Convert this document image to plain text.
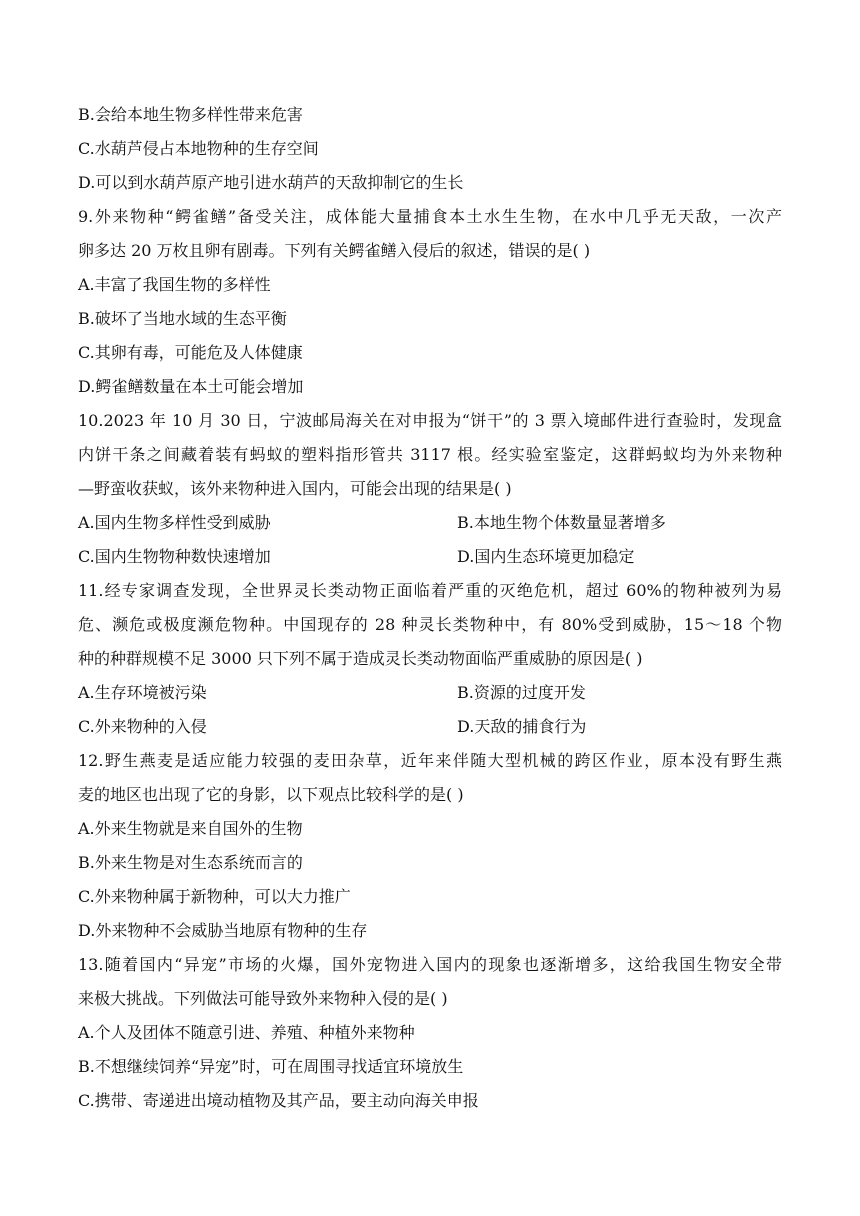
B.会给本地生物多样性带来危害
C.水葫芦侵占本地物种的生存空间
D.可以到水葫芦原产地引进水葫芦的天敌抑制它的生长
9.外来物种“鳄雀鳝”备受关注，成体能大量捕食本土水生生物，在水中几乎无天敌，一次产
卵多达 20 万枚且卵有剧毒。下列有关鳄雀鳝入侵后的叙述，错误的是( )
A.丰富了我国生物的多样性
B.破坏了当地水域的生态平衡
C.其卵有毒，可能危及人体健康
D.鳄雀鳝数量在本土可能会增加
10.2023 年 10 月 30 日，宁波邮局海关在对申报为“饼干”的 3 票入境邮件进行查验时，发现盒
内饼干条之间藏着装有蚂蚁的塑料指形管共 3117 根。经实验室鉴定，这群蚂蚁均为外来物种
—野蛮收获蚁，该外来物种进入国内，可能会出现的结果是( )
A.国内生物多样性受到威胁	B.本地生物个体数量显著增多
C.国内生物物种数快速增加	D.国内生态环境更加稳定
11.经专家调查发现，全世界灵长类动物正面临着严重的灭绝危机，超过 60%的物种被列为易
危、濒危或极度濒危物种。中国现存的 28 种灵长类物种中，有 80%受到威胁，15～18 个物
种的种群规模不足 3000 只下列不属于造成灵长类动物面临严重威胁的原因是( )
A.生存环境被污染	B.资源的过度开发
C.外来物种的入侵	D.天敌的捕食行为
12.野生燕麦是适应能力较强的麦田杂草，近年来伴随大型机械的跨区作业，原本没有野生燕
麦的地区也出现了它的身影，以下观点比较科学的是( )
A.外来生物就是来自国外的生物
B.外来生物是对生态系统而言的
C.外来物种属于新物种，可以大力推广
D.外来物种不会威胁当地原有物种的生存
13.随着国内“异宠”市场的火爆，国外宠物进入国内的现象也逐渐增多，这给我国生物安全带
来极大挑战。下列做法可能导致外来物种入侵的是( )
A.个人及团体不随意引进、养殖、种植外来物种
B.不想继续饲养“异宠”时，可在周围寻找适宜环境放生
C.携带、寄递进出境动植物及其产品，要主动向海关申报
